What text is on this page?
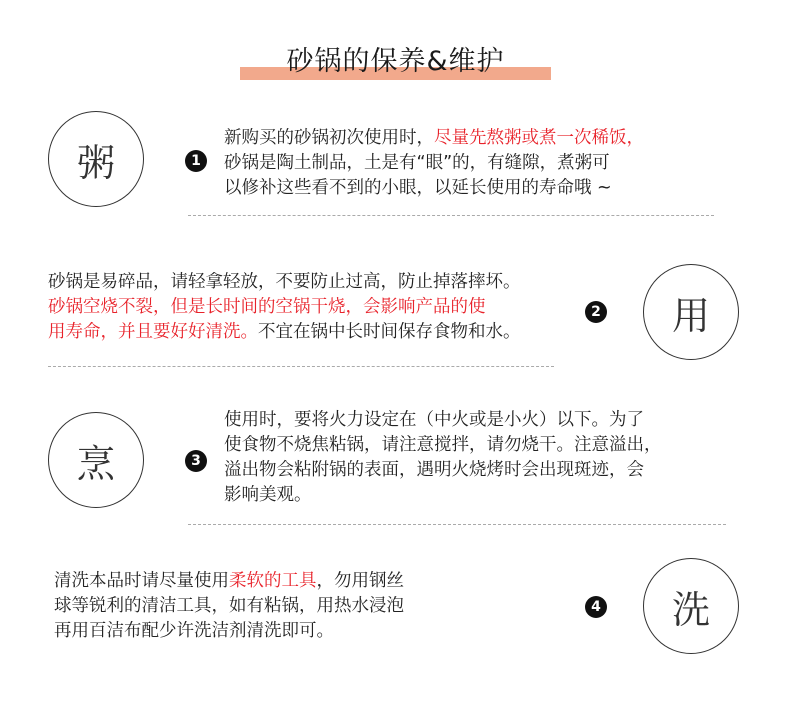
砂锅的保养&维护
粥	1
新购买的砂锅初次使用时，尽量先熬粥或煮一次稀饭，
砂锅是陶土制品，土是有“眼”的，有缝隙，煮粥可
以修补这些看不到的小眼，以延长使用的寿命哦 ~
砂锅是易碎品，请轻拿轻放，不要防止过高，防止掉落摔坏。
砂锅空烧不裂，但是长时间的空锅干烧，会影响产品的使
用寿命，并且要好好清洗。不宜在锅中长时间保存食物和水。
2 用
烹	3
使用时，要将火力设定在（中火或是小火）以下。为了
使食物不烧焦粘锅，请注意搅拌，请勿烧干。注意溢出，
溢出物会粘附锅的表面，遇明火烧烤时会出现斑迹，会
影响美观。
清洗本品时请尽量使用柔软的工具，勿用钢丝
球等锐利的清洁工具，如有粘锅，用热水浸泡
再用百洁布配少许洗洁剂清洗即可。
4 洗
